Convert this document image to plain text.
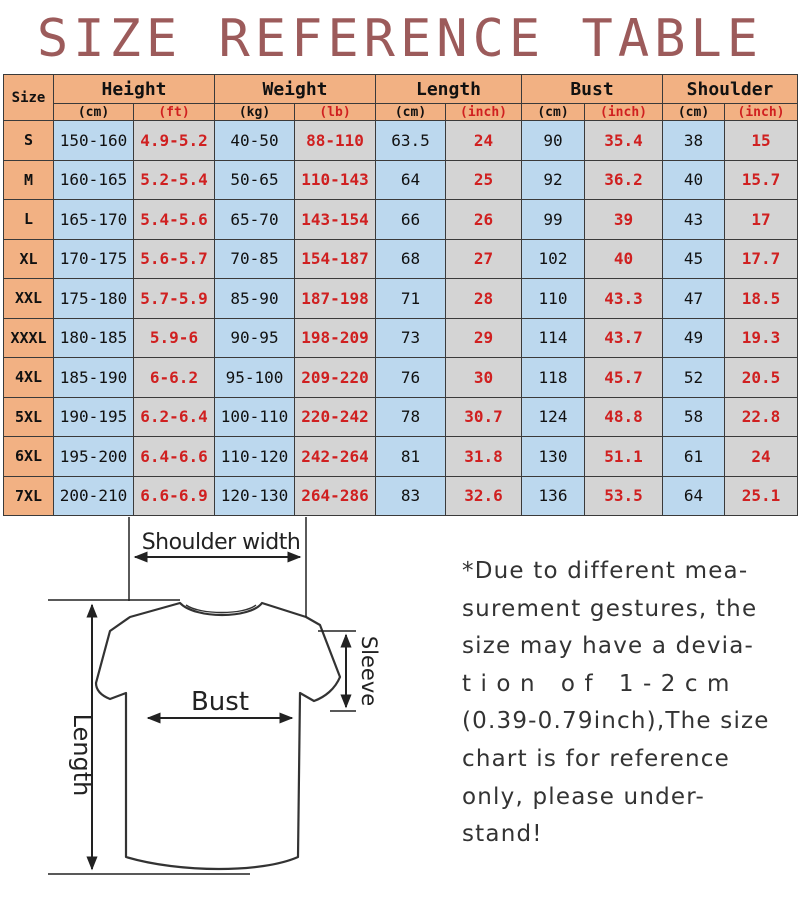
SIZE REFERENCE TABLE
Size	Height		Weight		Length		Bust		Shoulder	
	(cm)	(ft)	(kg)	(lb)	(cm)	(inch)	(cm)	(inch)	(cm)	(inch)
S	150-160	4.9-5.2	40-50	88-110	63.5	24	90	35.4	38	15
M	160-165	5.2-5.4	50-65	110-143	64	25	92	36.2	40	15.7
L	165-170	5.4-5.6	65-70	143-154	66	26	99	39	43	17
XL	170-175	5.6-5.7	70-85	154-187	68	27	102	40	45	17.7
XXL	175-180	5.7-5.9	85-90	187-198	71	28	110	43.3	47	18.5
XXXL	180-185	5.9-6	90-95	198-209	73	29	114	43.7	49	19.3
4XL	185-190	6-6.2	95-100	209-220	76	30	118	45.7	52	20.5
5XL	190-195	6.2-6.4	100-110	220-242	78	30.7	124	48.8	58	22.8
6XL	195-200	6.4-6.6	110-120	242-264	81	31.8	130	51.1	61	24
7XL	200-210	6.6-6.9	120-130	264-286	83	32.6	136	53.5	64	25.1
Shoulder width
Length
Bust	Sleeve
*Due to different mea-
surement gestures, the
size may have a devia-
tion of 1-2cm
(0.39-0.79inch),The size
chart is for reference
only, please under-
stand!
